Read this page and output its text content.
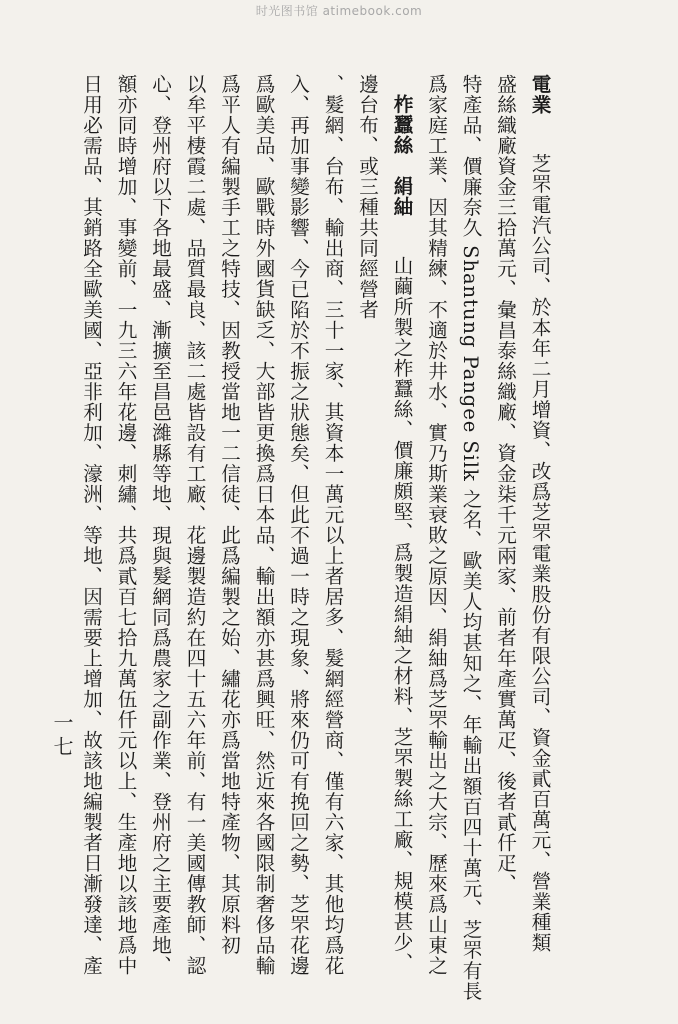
时光图书馆 atimebook.com
電業　芝罘電汽公司、於本年二月增資、改爲芝罘電業股份有限公司、資金貳百萬元、營業種類
盛絲織廠資金三拾萬元、彙昌泰絲織廠、資金柒千元兩家、前者年產實萬疋、後者貳仟疋、
特產品、價廉奈久 Shantung Pangee Silk 之名、歐美人均甚知之、年輸出額百四十萬元、芝罘有長
爲家庭工業、因其精練、不適於井水、實乃斯業衰敗之原因、絹紬爲芝罘輸出之大宗、歷來爲山東之
柞蠶絲　絹紬　山繭所製之柞蠶絲、價廉頗堅、爲製造絹紬之材料、芝罘製絲工廠、規模甚少、
邊台布、或三種共同經營者
、髮網、台布、輸出商、三十一家、其資本一萬元以上者居多、髮網經營商、僅有六家、其他均爲花
入、再加事變影響、今已陷於不振之狀態矣、但此不過一時之現象、將來仍可有挽回之勢、芝罘花邊
爲歐美品、歐戰時外國貨缺乏、大部皆更換爲日本品、輸出額亦甚爲興旺、然近來各國限制奢侈品輸
爲平人有編製手工之特技、因教授當地一二信徒、此爲編製之始、繡花亦爲當地特產物、其原料初
以牟平棲霞二處、品質最良、該二處皆設有工廠、花邊製造約在四十五六年前、有一美國傳教師、認
心、登州府以下各地最盛、漸擴至昌邑濰縣等地、現與髮網同爲農家之副作業、登州府之主要產地、
額亦同時增加、事變前、一九三六年花邊、刺繡、共爲貳百七拾九萬伍仟元以上、生產地以該地爲中
日用必需品、其銷路全歐美國、亞非利加、濠洲、等地、因需要上增加、故該地編製者日漸發達、產
一七
